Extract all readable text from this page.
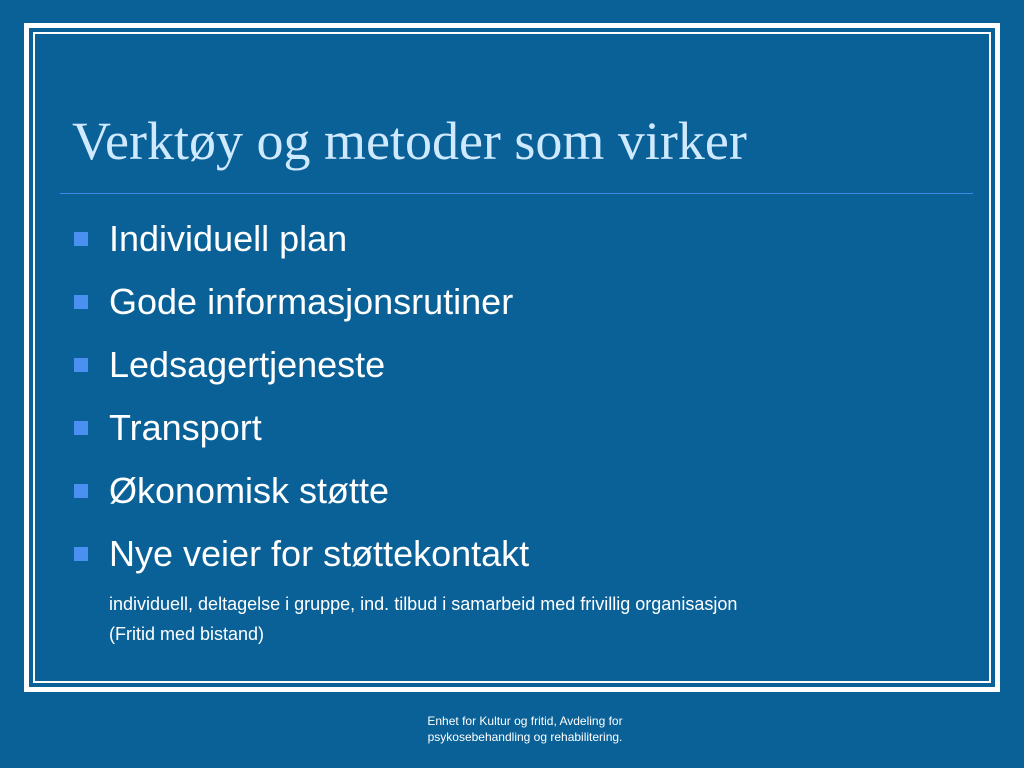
Verktøy og metoder som virker
Individuell plan
Gode informasjonsrutiner
Ledsagertjeneste
Transport
Økonomisk støtte
Nye veier for støttekontakt
individuell, deltagelse i gruppe, ind. tilbud i samarbeid med frivillig organisasjon
(Fritid med bistand)
Enhet for Kultur og fritid, Avdeling for
psykosebehandling og rehabilitering.
